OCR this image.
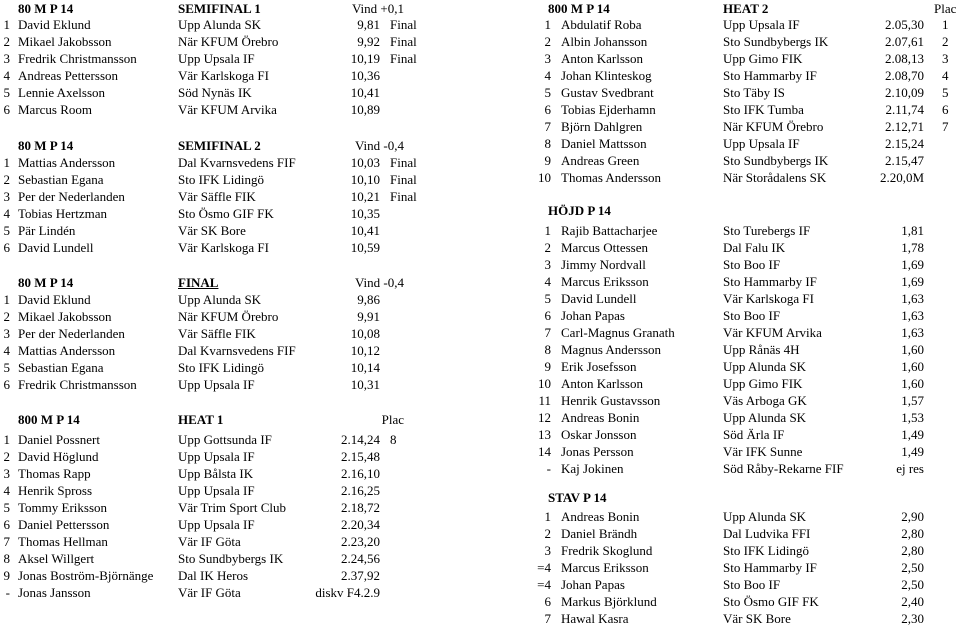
80 M P 14	SEMIFINAL 1	Vind +0,1
1 David Eklund	Upp Alunda SK	9,81 Final
2 Mikael Jakobsson	När KFUM Örebro	9,92 Final
3 Fredrik Christmansson	Upp Upsala IF	10,19 Final
4 Andreas Pettersson	Vär Karlskoga FI	10,36
5 Lennie Axelsson	Söd Nynäs IK	10,41
6 Marcus Room	Vär KFUM Arvika	10,89
80 M P 14	SEMIFINAL 2	Vind -0,4
1 Mattias Andersson	Dal Kvarnsvedens FIF	10,03 Final
2 Sebastian Egana	Sto IFK Lidingö	10,10 Final
3 Per der Nederlanden	Vär Säffle FIK	10,21 Final
4 Tobias Hertzman	Sto Ösmo GIF FK	10,35
5 Pär Lindén	Vär SK Bore	10,41
6 David Lundell	Vär Karlskoga FI	10,59
80 M P 14	FINAL	Vind -0,4
1 David Eklund	Upp Alunda SK	9,86
2 Mikael Jakobsson	När KFUM Örebro	9,91
3 Per der Nederlanden	Vär Säffle FIK	10,08
4 Mattias Andersson	Dal Kvarnsvedens FIF	10,12
5 Sebastian Egana	Sto IFK Lidingö	10,14
6 Fredrik Christmansson	Upp Upsala IF	10,31
800 M P 14	HEAT 1	Plac
1 Daniel Possnert	Upp Gottsunda IF	2.14,24 8
2 David Höglund	Upp Upsala IF	2.15,48
3 Thomas Rapp	Upp Bålsta IK	2.16,10
4 Henrik Spross	Upp Upsala IF	2.16,25
5 Tommy Eriksson	Vär Trim Sport Club	2.18,72
6 Daniel Pettersson	Upp Upsala IF	2.20,34
7 Thomas Hellman	Vär IF Göta	2.23,20
8 Aksel Willgert	Sto Sundbybergs IK	2.24,56
9 Jonas Boström-Björnänge Dal IK Heros	2.37,92
- Jonas Jansson	Vär IF Göta	diskv F4.2.9
800 M P 14	HEAT 2	Plac
1 Abdulatif Roba	Upp Upsala IF	2.05,30 1
2 Albin Johansson	Sto Sundbybergs IK	2.07,61 2
3 Anton Karlsson	Upp Gimo FIK	2.08,13 3
4 Johan Klinteskog	Sto Hammarby IF	2.08,70 4
5 Gustav Svedbrant	Sto Täby IS	2.10,09 5
6 Tobias Ejderhamn	Sto IFK Tumba	2.11,74 6
7 Björn Dahlgren	När KFUM Örebro	2.12,71 7
8 Daniel Mattsson	Upp Upsala IF	2.15,24
9 Andreas Green	Sto Sundbybergs IK	2.15,47
10 Thomas Andersson	När Storådalens SK	2.20,0M
HÖJD P 14
1 Rajib Battacharjee	Sto Turebergs IF	1,81
2 Marcus Ottessen	Dal Falu IK	1,78
3 Jimmy Nordvall	Sto Boo IF	1,69
4 Marcus Eriksson	Sto Hammarby IF	1,69
5 David Lundell	Vär Karlskoga FI	1,63
6 Johan Papas	Sto Boo IF	1,63
7 Carl-Magnus Granath	Vär KFUM Arvika	1,63
8 Magnus Andersson	Upp Rånäs 4H	1,60
9 Erik Josefsson	Upp Alunda SK	1,60
10 Anton Karlsson	Upp Gimo FIK	1,60
11 Henrik Gustavsson	Väs Arboga GK	1,57
12 Andreas Bonin	Upp Alunda SK	1,53
13 Oskar Jonsson	Söd Ärla IF	1,49
14 Jonas Persson	Vär IFK Sunne	1,49
- Kaj Jokinen	Söd Råby-Rekarne FIF	ej res
STAV P 14
1 Andreas Bonin	Upp Alunda SK	2,90
2 Daniel Brändh	Dal Ludvika FFI	2,80
3 Fredrik Skoglund	Sto IFK Lidingö	2,80
=4 Marcus Eriksson	Sto Hammarby IF	2,50
=4 Johan Papas	Sto Boo IF	2,50
6 Markus Björklund	Sto Ösmo GIF FK	2,40
7 Hawal Kasra	Vär SK Bore	2,30
